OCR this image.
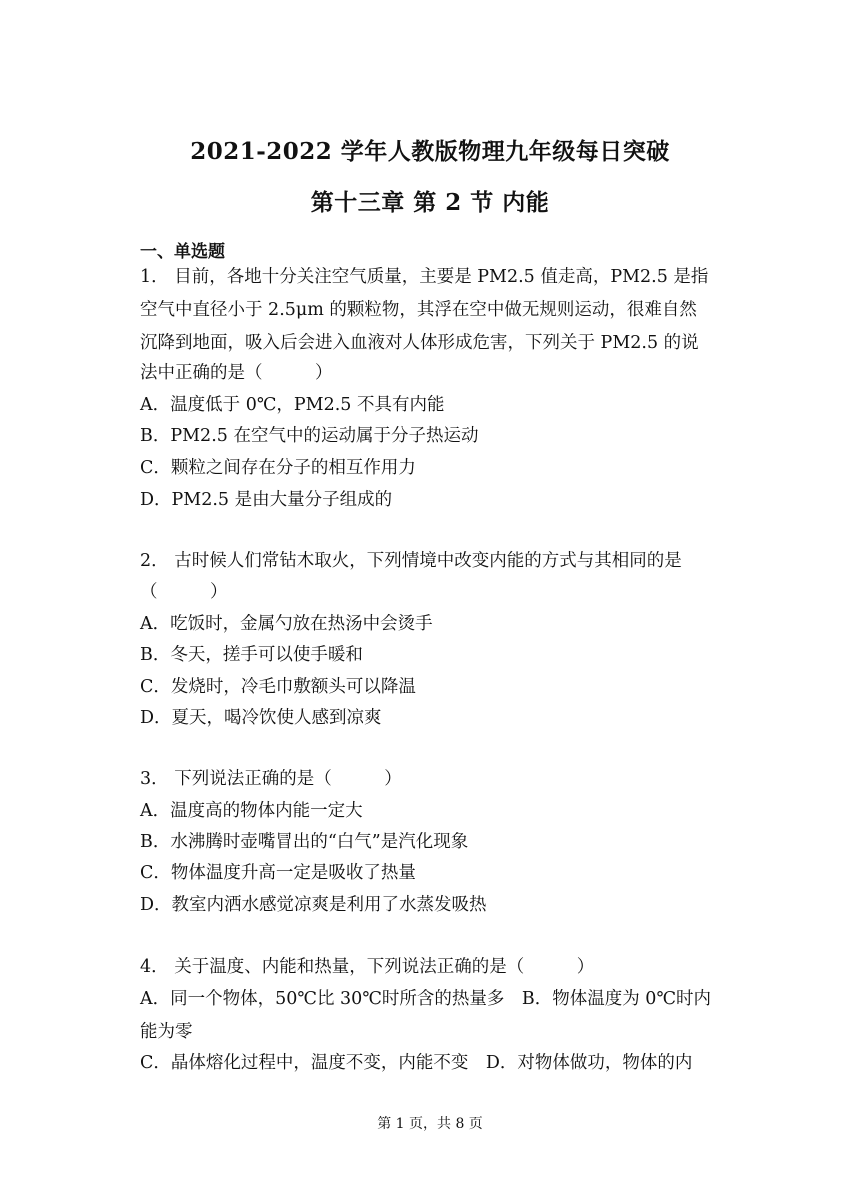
2021-2022 学年人教版物理九年级每日突破
第十三章 第 2 节 内能
一、单选题
1． 目前，各地十分关注空气质量，主要是 PM2.5 值走高，PM2.5 是指
空气中直径小于 2.5μm 的颗粒物，其浮在空中做无规则运动，很难自然
沉降到地面，吸入后会进入血液对人体形成危害，下列关于 PM2.5 的说
法中正确的是（　　　）
A．温度低于 0℃，PM2.5 不具有内能
B．PM2.5 在空气中的运动属于分子热运动
C．颗粒之间存在分子的相互作用力
D．PM2.5 是由大量分子组成的
2． 古时候人们常钻木取火，下列情境中改变内能的方式与其相同的是
（　　　）
A．吃饭时，金属勺放在热汤中会烫手
B．冬天，搓手可以使手暖和
C．发烧时，冷毛巾敷额头可以降温
D．夏天，喝冷饮使人感到凉爽
3． 下列说法正确的是（　　　）
A．温度高的物体内能一定大
B．水沸腾时壶嘴冒出的“白气”是汽化现象
C．物体温度升高一定是吸收了热量
D．教室内洒水感觉凉爽是利用了水蒸发吸热
4． 关于温度、内能和热量，下列说法正确的是（　　　）
A．同一个物体，50℃比 30℃时所含的热量多　B．物体温度为 0℃时内
能为零
C．晶体熔化过程中，温度不变，内能不变　D．对物体做功，物体的内
第 1 页，共 8 页
